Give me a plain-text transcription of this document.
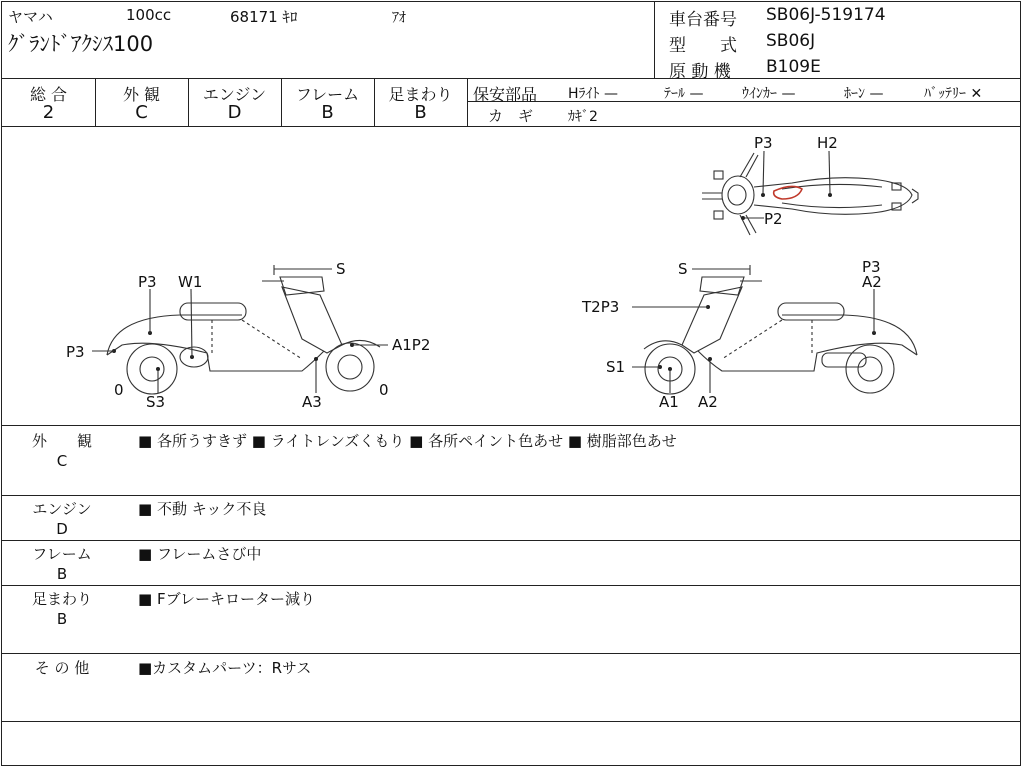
ヤマハ	100cc	68171 ｷﾛ	ｱｵ
ｸﾞﾗﾝﾄﾞｱｸｼｽ100
車台番号 SB06J-519174
型　　式 SB06J
原 動 機 B109E
総 合
2
外 観
C
エンジン
D
フレーム
B
足まわり
B
保安部品 Hﾗｲﾄ —	ﾃｰﾙ —	ｳｲﾝｶｰ —	ﾎｰﾝ —	ﾊﾞｯﾃﾘｰ ✕
カ　ギ ｶｷﾞ2
P3	H2
P2
P3 W1
S
P3	A1P2
0
S3	A3
0
S	P3
A2
T2P3
S1
A1 A2
外　　観
C
■ 各所うすきず ■ ライトレンズくもり ■ 各所ペイント色あせ ■ 樹脂部色あせ
エンジン
D
■ 不動 キック不良
フレーム
B
■ フレームさび中
足まわり
B
■ Fブレーキローター減り
そ の 他	■カスタムパーツ：Rサス
